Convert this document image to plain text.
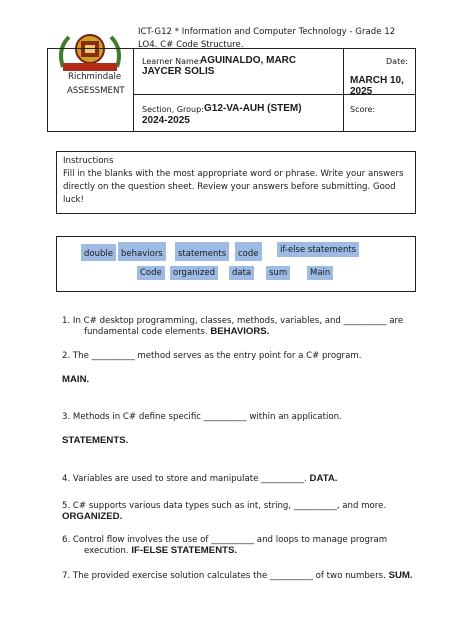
ICT-G12 * Information and Computer Technology - Grade 12
LO4. C# Code Structure.
Richmindale
ASSESSMENT
Learner Name:
AGUINALDO, MARC
JAYCER SOLIS
Date:
MARCH 10,
2025
Section, Group: G12-VA-AUH (STEM)
2024-2025
Score:
Instructions
Fill in the blanks with the most appropriate word or phrase. Write your answers
directly on the question sheet. Review your answers before submitting. Good
luck!
double behaviors	statements	code	if-else statements
Code	organized	data	sum	Main
1. In C# desktop programming, classes, methods, variables, and __________ are
fundamental code elements. BEHAVIORS.
2. The __________ method serves as the entry point for a C# program.
MAIN.
3. Methods in C# define specific __________ within an application.
STATEMENTS.
4. Variables are used to store and manipulate __________. DATA.
5. C# supports various data types such as int, string, __________, and more.
ORGANIZED.
6. Control flow involves the use of __________ and loops to manage program
execution. IF-ELSE STATEMENTS.
7. The provided exercise solution calculates the __________ of two numbers. SUM.
